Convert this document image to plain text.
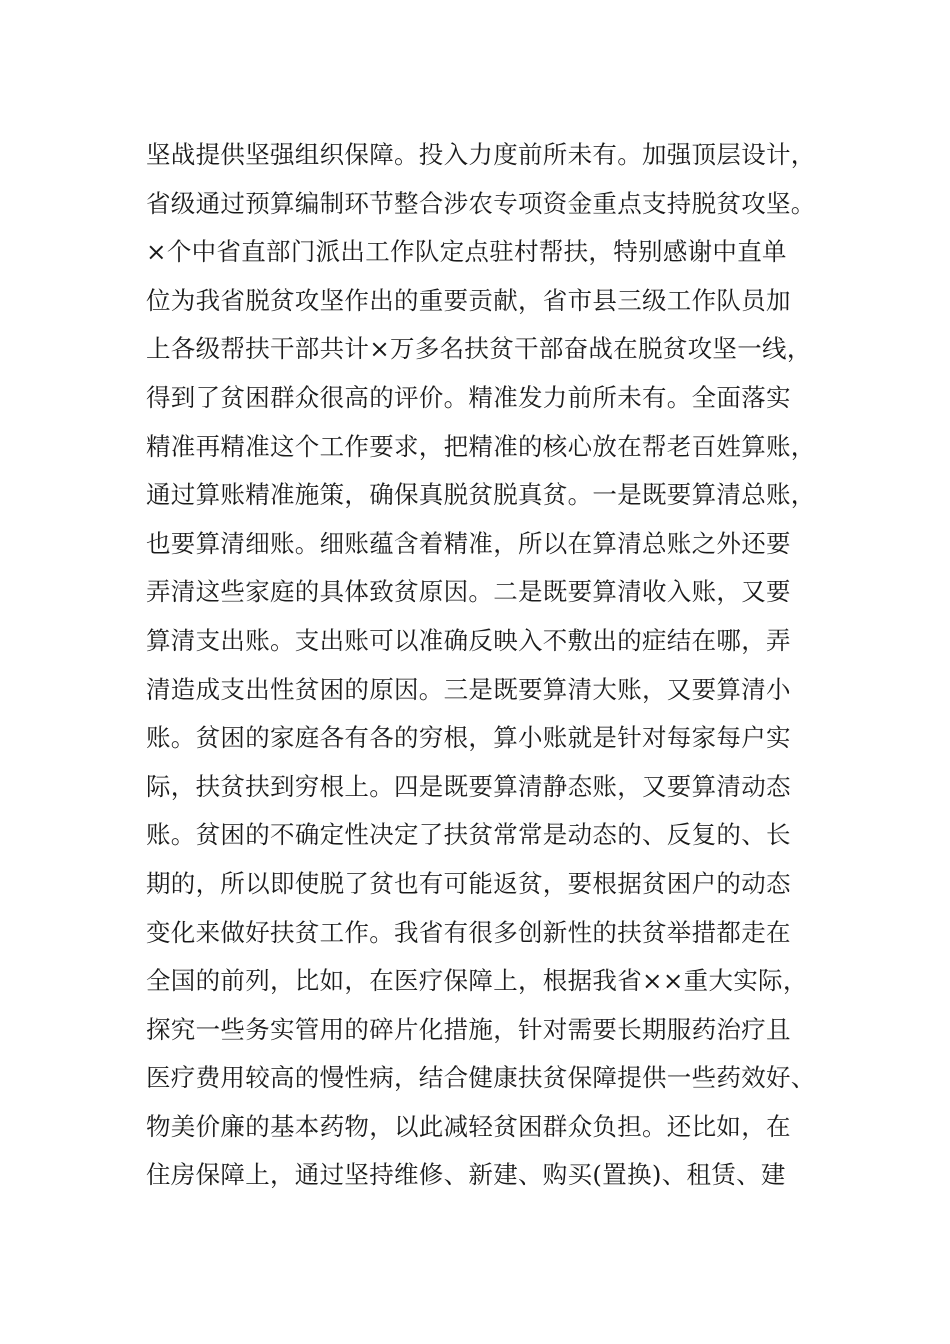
坚战提供坚强组织保障。投入力度前所未有。加强顶层设计，
省级通过预算编制环节整合涉农专项资金重点支持脱贫攻坚。
×个中省直部门派出工作队定点驻村帮扶，特别感谢中直单
位为我省脱贫攻坚作出的重要贡献，省市县三级工作队员加
上各级帮扶干部共计×万多名扶贫干部奋战在脱贫攻坚一线，
得到了贫困群众很高的评价。精准发力前所未有。全面落实
精准再精准这个工作要求，把精准的核心放在帮老百姓算账，
通过算账精准施策，确保真脱贫脱真贫。一是既要算清总账，
也要算清细账。细账蕴含着精准，所以在算清总账之外还要
弄清这些家庭的具体致贫原因。二是既要算清收入账，又要
算清支出账。支出账可以准确反映入不敷出的症结在哪，弄
清造成支出性贫困的原因。三是既要算清大账，又要算清小
账。贫困的家庭各有各的穷根，算小账就是针对每家每户实
际，扶贫扶到穷根上。四是既要算清静态账，又要算清动态
账。贫困的不确定性决定了扶贫常常是动态的、反复的、长
期的，所以即使脱了贫也有可能返贫，要根据贫困户的动态
变化来做好扶贫工作。我省有很多创新性的扶贫举措都走在
全国的前列，比如，在医疗保障上，根据我省××重大实际，
探究一些务实管用的碎片化措施，针对需要长期服药治疗且
医疗费用较高的慢性病，结合健康扶贫保障提供一些药效好、
物美价廉的基本药物，以此减轻贫困群众负担。还比如，在
住房保障上，通过坚持维修、新建、购买(置换)、租赁、建
